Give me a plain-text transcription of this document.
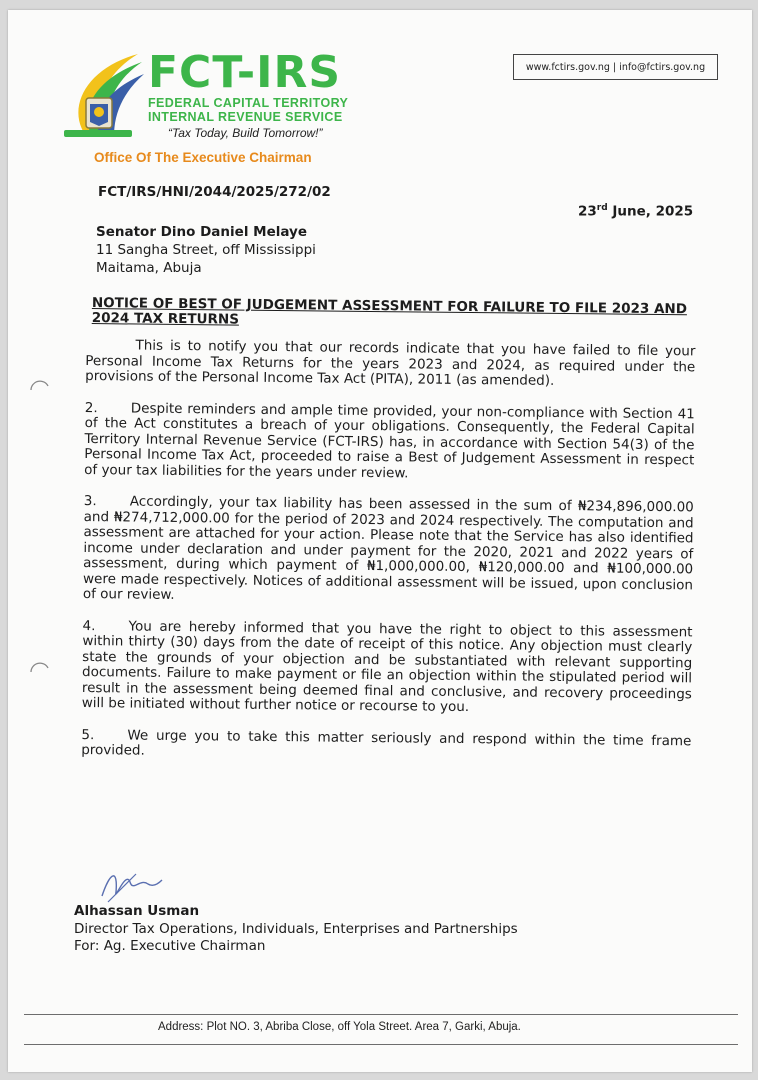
FCT-IRS
FEDERAL CAPITAL TERRITORY
INTERNAL REVENUE SERVICE
“Tax Today, Build Tomorrow!”
www.fctirs.gov.ng | info@fctirs.gov.ng
Office Of The Executive Chairman
FCT/IRS/HNI/2044/2025/272/02
23rd June, 2025
Senator Dino Daniel Melaye
11 Sangha Street, off Mississippi
Maitama, Abuja
NOTICE OF BEST OF JUDGEMENT ASSESSMENT FOR FAILURE TO FILE 2023 AND 2024 TAX RETURNS

This is to notify you that our records indicate that you have failed to file your Personal Income Tax Returns for the years 2023 and 2024, as required under the provisions of the Personal Income Tax Act (PITA), 2011 (as amended).

2. Despite reminders and ample time provided, your non-compliance with Section 41 of the Act constitutes a breach of your obligations. Consequently, the Federal Capital Territory Internal Revenue Service (FCT-IRS) has, in accordance with Section 54(3) of the Personal Income Tax Act, proceeded to raise a Best of Judgement Assessment in respect of your tax liabilities for the years under review.

3. Accordingly, your tax liability has been assessed in the sum of ₦234,896,000.00 and ₦274,712,000.00 for the period of 2023 and 2024 respectively. The computation and assessment are attached for your action. Please note that the Service has also identified income under declaration and under payment for the 2020, 2021 and 2022 years of assessment, during which payment of ₦1,000,000.00, ₦120,000.00 and ₦100,000.00 were made respectively. Notices of additional assessment will be issued, upon conclusion of our review.

4. You are hereby informed that you have the right to object to this assessment within thirty (30) days from the date of receipt of this notice. Any objection must clearly state the grounds of your objection and be substantiated with relevant supporting documents. Failure to make payment or file an objection within the stipulated period will result in the assessment being deemed final and conclusive, and recovery proceedings will be initiated without further notice or recourse to you.

5. We urge you to take this matter seriously and respond within the time frame provided.

Alhassan Usman
Director Tax Operations, Individuals, Enterprises and Partnerships
For: Ag. Executive Chairman
Address: Plot NO. 3, Abriba Close, off Yola Street. Area 7, Garki, Abuja.
